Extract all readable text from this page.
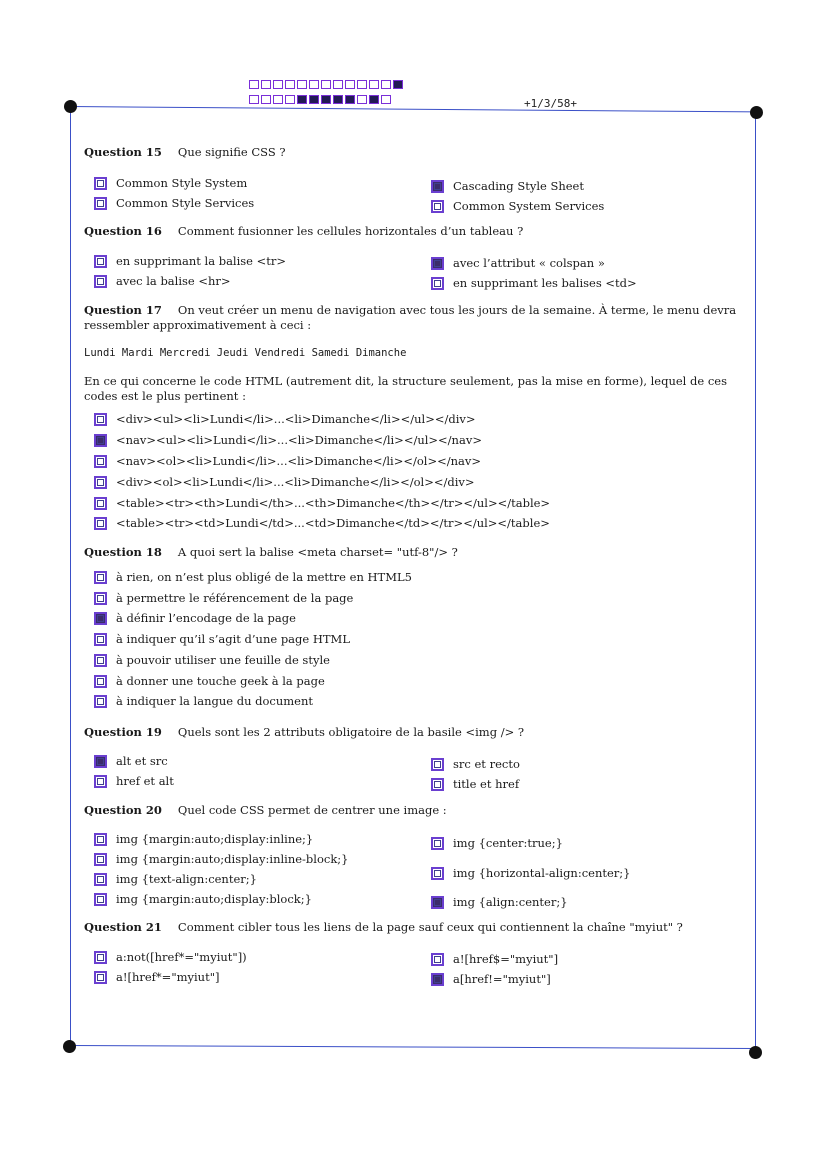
+1/3/58+
Question 15 Que signifie CSS ?
Common Style System
Common Style Services
Cascading Style Sheet
Common System Services
Question 16 Comment fusionner les cellules horizontales d’un tableau ?
en supprimant la balise <tr>
avec la balise <hr>
avec l’attribut « colspan »
en supprimant les balises <td>
Question 17 On veut créer un menu de navigation avec tous les jours de la semaine. À terme, le menu devra ressembler approximativement à ceci :
Lundi Mardi Mercredi Jeudi Vendredi Samedi Dimanche
En ce qui concerne le code HTML (autrement dit, la structure seulement, pas la mise en forme), lequel de ces codes est le plus pertinent :
<div><ul><li>Lundi</li>...<li>Dimanche</li></ul></div>
<nav><ul><li>Lundi</li>...<li>Dimanche</li></ul></nav>
<nav><ol><li>Lundi</li>...<li>Dimanche</li></ol></nav>
<div><ol><li>Lundi</li>...<li>Dimanche</li></ol></div>
<table><tr><th>Lundi</th>...<th>Dimanche</th></tr></ul></table>
<table><tr><td>Lundi</td>...<td>Dimanche</td></tr></ul></table>
Question 18 A quoi sert la balise <meta charset= "utf-8"/> ?
à rien, on n’est plus obligé de la mettre en HTML5
à permettre le référencement de la page
à définir l’encodage de la page
à indiquer qu’il s’agit d’une page HTML
à pouvoir utiliser une feuille de style
à donner une touche geek à la page
à indiquer la langue du document
Question 19 Quels sont les 2 attributs obligatoire de la basile <img /> ?
alt et src
href et alt
src et recto
title et href
Question 20 Quel code CSS permet de centrer une image :
img {margin:auto;display:inline;}
img {margin:auto;display:inline-block;}
img {text-align:center;}
img {margin:auto;display:block;}
img {center:true;}
img {horizontal-align:center;}
img {align:center;}
Question 21 Comment cibler tous les liens de la page sauf ceux qui contiennent la chaîne "myiut" ?
a:not([href*="myiut"])
a![href*="myiut"]
a![href$="myiut"]
a[href!="myiut"]
